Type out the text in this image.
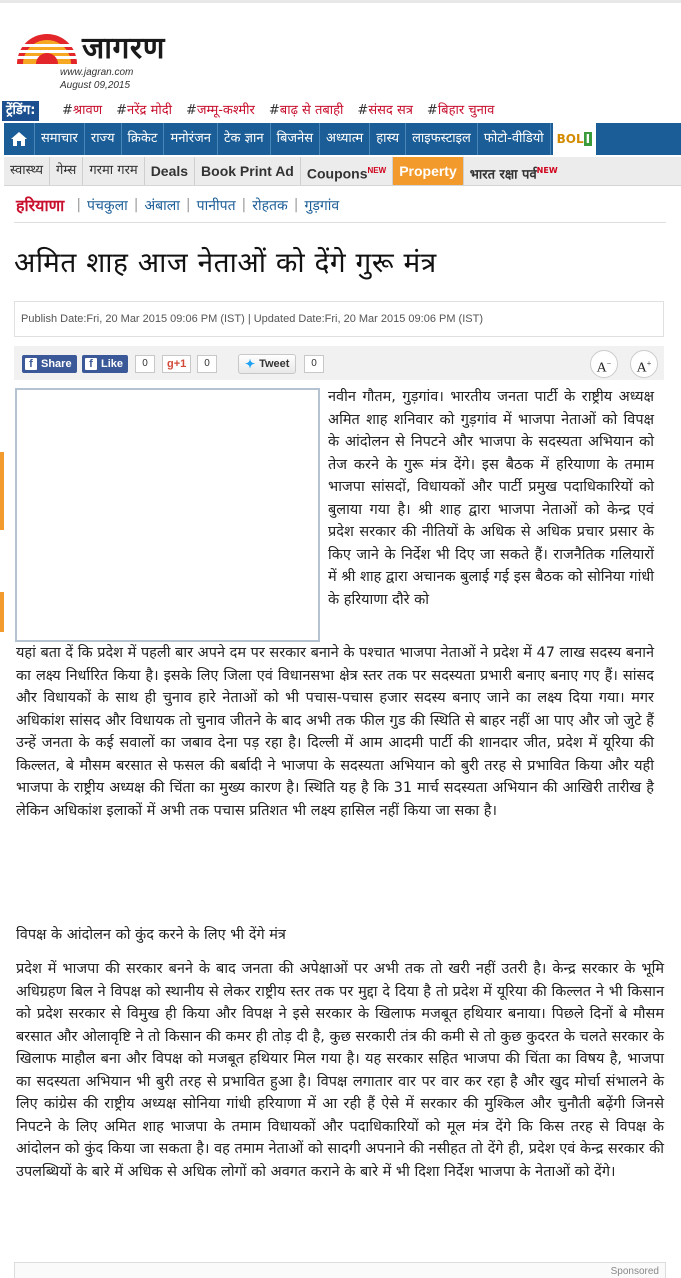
जागरण
www.jagran.com
August 09,2015
ट्रेंडिंग:	#श्रावण #नरेंद्र मोदी #जम्मू-कश्मीर #बाढ़ से तबाही #संसद सत्र #बिहार चुनाव
समाचार	राज्य	क्रिकेट	मनोरंजन	टेक ज्ञान	बिजनेस	अध्यात्म	हास्य	लाइफस्टाइल	फोटो-वीडियो	BOL I
स्वास्थ्य	गेम्स	गरमा गरम Deals Book Print Ad Coupons$^{NEW}$ Property	भारत रक्षा पर्व$^{NEW}$
हरियाणा | पंचकुला | अंबाला | पानीपत | रोहतक | गुड़गांव
अमित शाह आज नेताओं को देंगे गुरू मंत्र
Publish Date:Fri, 20 Mar 2015 09:06 PM (IST) | Updated Date:Fri, 20 Mar 2015 09:06 PM (IST)
f Share	f Like	0	g+1	0	✦ Tweet	0	A−	A+
नवीन गौतम, गुड़गांव। भारतीय जनता पार्टी के राष्ट्रीय अध्यक्ष अमित शाह शनिवार को गुड़गांव में भाजपा नेताओं को विपक्ष के आंदोलन से निपटने और भाजपा के सदस्यता अभियान को तेज करने के गुरू मंत्र देंगे। इस बैठक में हरियाणा के तमाम भाजपा सांसदों, विधायकों और पार्टी प्रमुख पदाधिकारियों को बुलाया गया है। श्री शाह द्वारा भाजपा नेताओं को केन्द्र एवं प्रदेश सरकार की नीतियों के अधिक से अधिक प्रचार प्रसार के किए जाने के निर्देश भी दिए जा सकते हैं। राजनैतिक गलियारों में श्री शाह द्वारा अचानक बुलाई गई इस बैठक को सोनिया गांधी के हरियाणा दौरे को
यहां बता दें कि प्रदेश में पहली बार अपने दम पर सरकार बनाने के पश्चात भाजपा नेताओं ने प्रदेश में 47 लाख सदस्य बनाने का लक्ष्य निर्धारित किया है। इसके लिए जिला एवं विधानसभा क्षेत्र स्तर तक पर सदस्यता प्रभारी बनाए बनाए गए हैं। सांसद और विधायकों के साथ ही चुनाव हारे नेताओं को भी पचास-पचास हजार सदस्य बनाए जाने का लक्ष्य दिया गया। मगर अधिकांश सांसद और विधायक तो चुनाव जीतने के बाद अभी तक फील गुड की स्थिति से बाहर नहीं आ पाए और जो जुटे हैं उन्हें जनता के कई सवालों का जबाव देना पड़ रहा है। दिल्ली में आम आदमी पार्टी की शानदार जीत, प्रदेश में यूरिया की किल्लत, बे मौसम बरसात से फसल की बर्बादी ने भाजपा के सदस्यता अभियान को बुरी तरह से प्रभावित किया और यही भाजपा के राष्ट्रीय अध्यक्ष की चिंता का मुख्य कारण है। स्थिति यह है कि 31 मार्च सदस्यता अभियान की आखिरी तारीख है लेकिन अधिकांश इलाकों में अभी तक पचास प्रतिशत भी लक्ष्य हासिल नहीं किया जा सका है।
विपक्ष के आंदोलन को कुंद करने के लिए भी देंगे मंत्र
प्रदेश में भाजपा की सरकार बनने के बाद जनता की अपेक्षाओं पर अभी तक तो खरी नहीं उतरी है। केन्द्र सरकार के भूमि अधिग्रहण बिल ने विपक्ष को स्थानीय से लेकर राष्ट्रीय स्तर तक पर मुद्दा दे दिया है तो प्रदेश में यूरिया की किल्लत ने भी किसान को प्रदेश सरकार से विमुख ही किया और विपक्ष ने इसे सरकार के खिलाफ मजबूत हथियार बनाया। पिछले दिनों बे मौसम बरसात और ओलावृष्टि ने तो किसान की कमर ही तोड़ दी है, कुछ सरकारी तंत्र की कमी से तो कुछ कुदरत के चलते सरकार के खिलाफ माहौल बना और विपक्ष को मजबूत हथियार मिल गया है। यह सरकार सहित भाजपा की चिंता का विषय है, भाजपा का सदस्यता अभियान भी बुरी तरह से प्रभावित हुआ है। विपक्ष लगातार वार पर वार कर रहा है और खुद मोर्चा संभालने के लिए कांग्रेस की राष्ट्रीय अध्यक्ष सोनिया गांधी हरियाणा में आ रही हैं ऐसे में सरकार की मुश्किल और चुनौती बढ़ेंगी जिनसे निपटने के लिए अमित शाह भाजपा के तमाम विधायकों और पदाधिकारियों को मूल मंत्र देंगे कि किस तरह से विपक्ष के आंदोलन को कुंद किया जा सकता है। वह तमाम नेताओं को सादगी अपनाने की नसीहत तो देंगे ही, प्रदेश एवं केन्द्र सरकार की उपलब्धियों के बारे में अधिक से अधिक लोगों को अवगत कराने के बारे में भी दिशा निर्देश भाजपा के नेताओं को देंगे।
Sponsored
